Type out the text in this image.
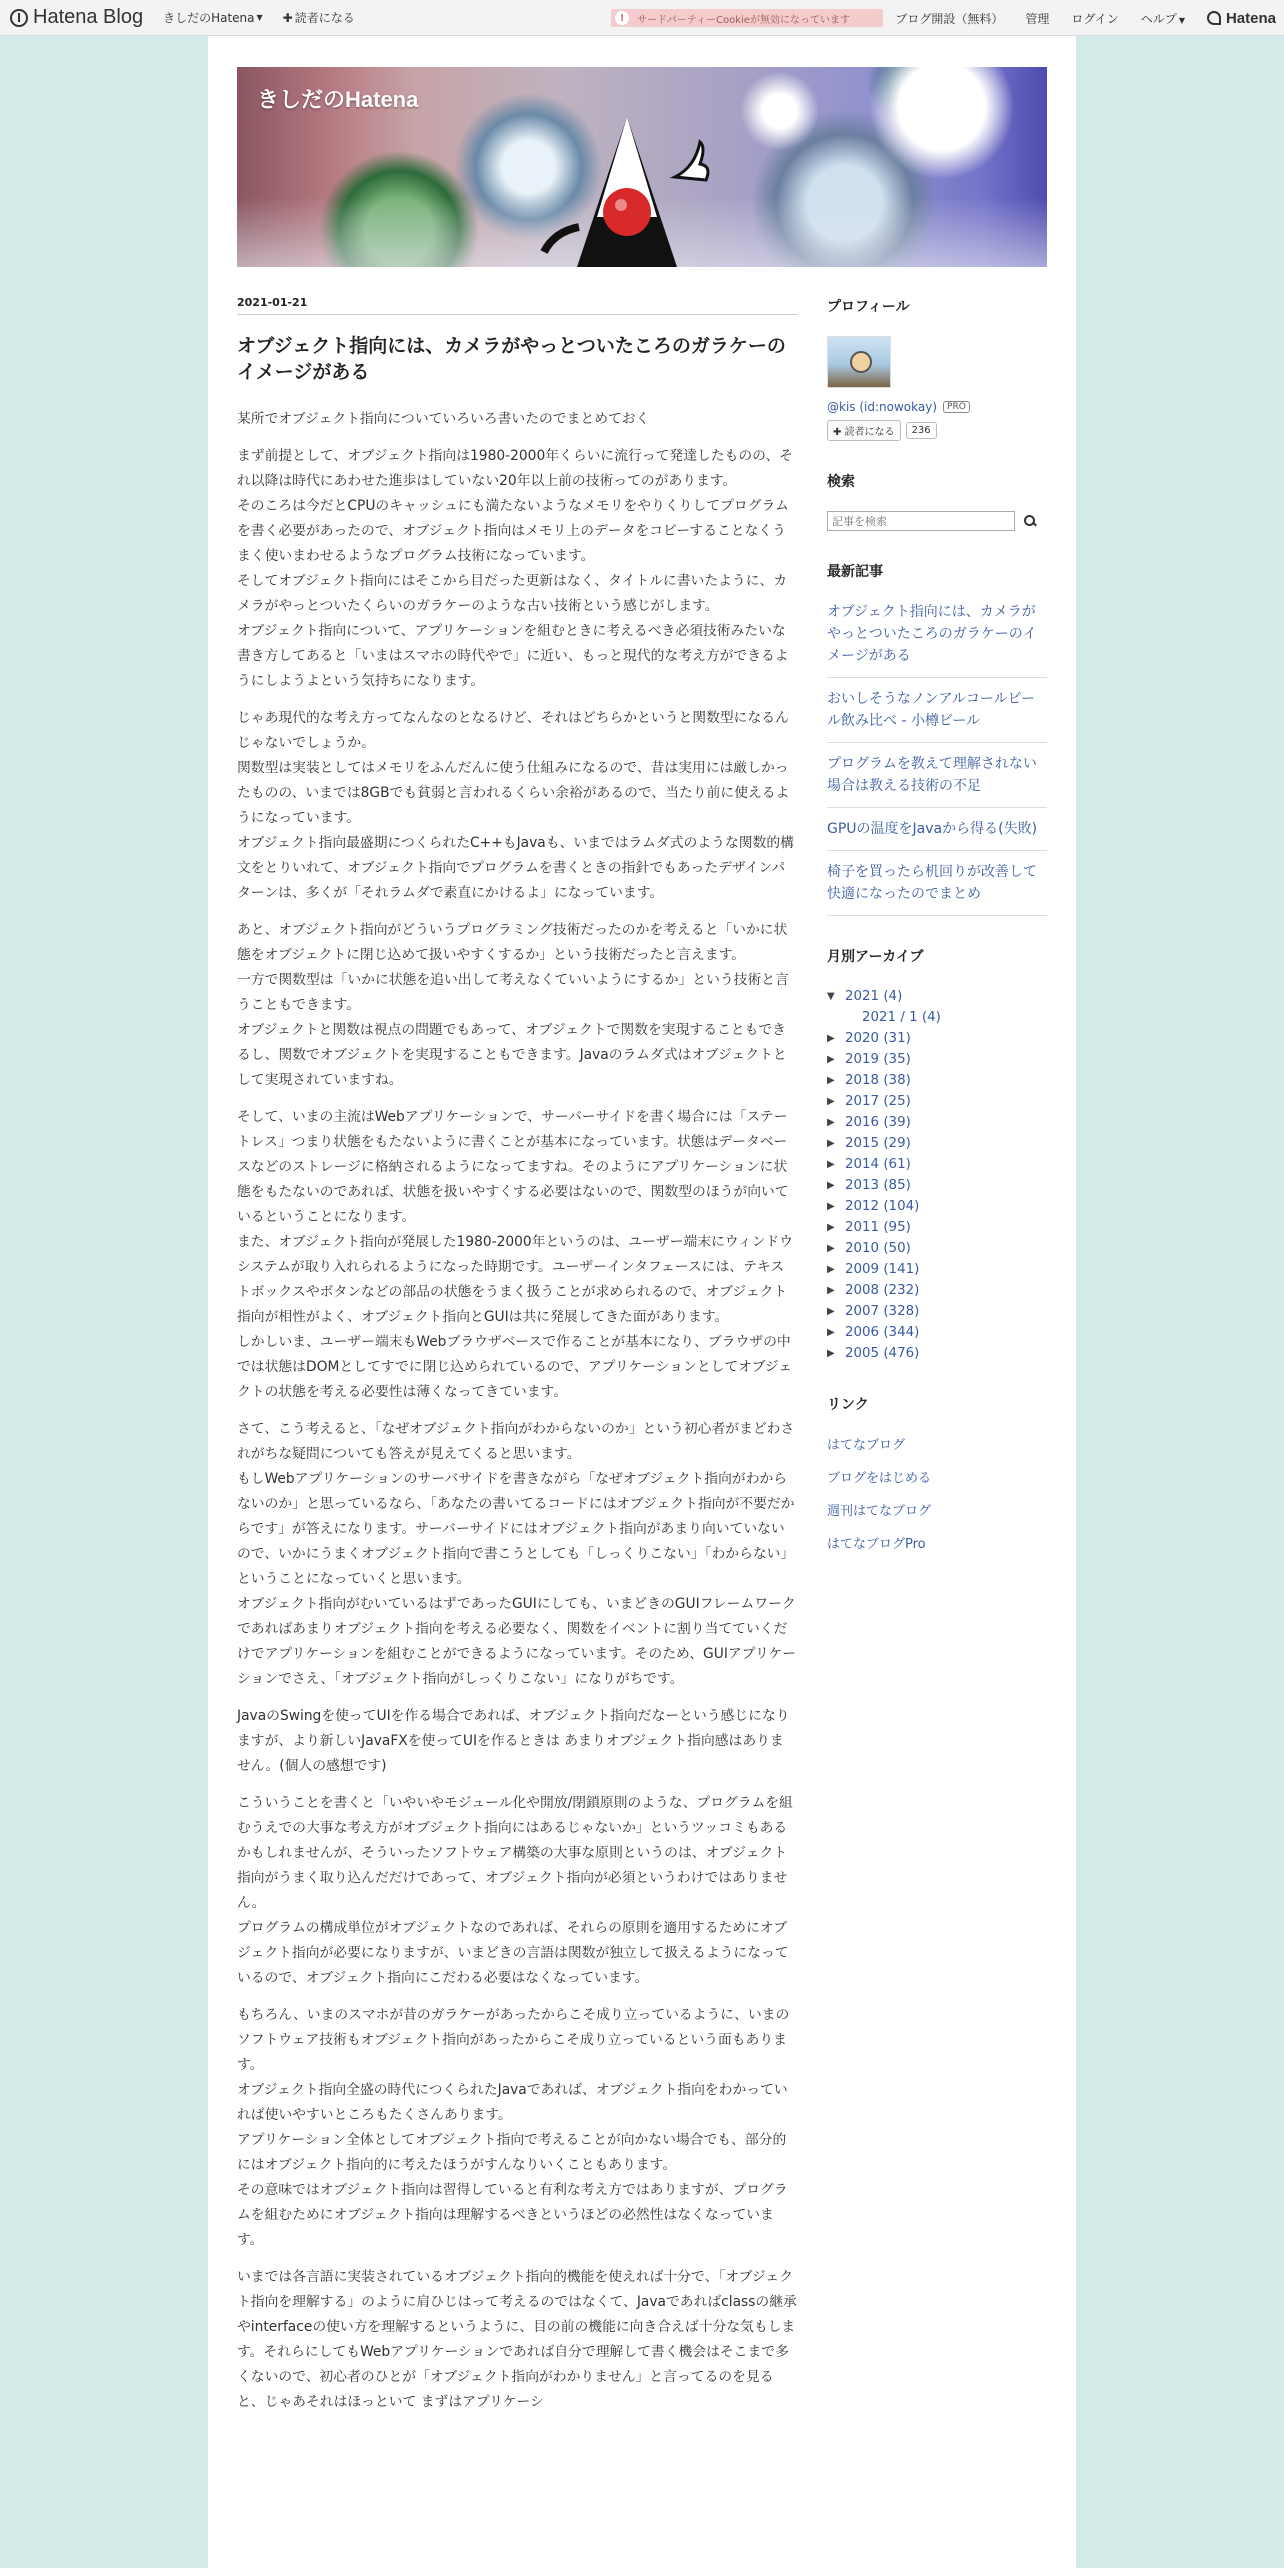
Hatena Blog きしだのHatena ▼ ✚ 読者になる	!	サードパーティーCookieが無効になっています	ブログ開設（無料） 管理 ログイン ヘルプ ▼	Hatena
きしだのHatena
2021-01-21
オブジェクト指向には、カメラがやっとついたころのガラケーのイメージがある

某所でオブジェクト指向についていろいろ書いたのでまとめておく

まず前提として、オブジェクト指向は1980-2000年くらいに流行って発達したものの、それ以降は時代にあわせた進歩はしていない20年以上前の技術ってのがあります。
そのころは今だとCPUのキャッシュにも満たないようなメモリをやりくりしてプログラムを書く必要があったので、オブジェクト指向はメモリ上のデータをコピーすることなくうまく使いまわせるようなプログラム技術になっています。
そしてオブジェクト指向にはそこから目だった更新はなく、タイトルに書いたように、カメラがやっとついたくらいのガラケーのような古い技術という感じがします。
オブジェクト指向について、アプリケーションを組むときに考えるべき必須技術みたいな書き方してあると「いまはスマホの時代やで」に近い、もっと現代的な考え方ができるようにしようよという気持ちになります。

じゃあ現代的な考え方ってなんなのとなるけど、それはどちらかというと関数型になるんじゃないでしょうか。
関数型は実装としてはメモリをふんだんに使う仕組みになるので、昔は実用には厳しかったものの、いまでは8GBでも貧弱と言われるくらい余裕があるので、当たり前に使えるようになっています。
オブジェクト指向最盛期につくられたC++もJavaも、いまではラムダ式のような関数的構文をとりいれて、オブジェクト指向でプログラムを書くときの指針でもあったデザインパターンは、多くが「それラムダで素直にかけるよ」になっています。

あと、オブジェクト指向がどういうプログラミング技術だったのかを考えると「いかに状態をオブジェクトに閉じ込めて扱いやすくするか」という技術だったと言えます。
一方で関数型は「いかに状態を追い出して考えなくていいようにするか」という技術と言うこともできます。
オブジェクトと関数は視点の問題でもあって、オブジェクトで関数を実現することもできるし、関数でオブジェクトを実現することもできます。Javaのラムダ式はオブジェクトとして実現されていますね。

そして、いまの主流はWebアプリケーションで、サーバーサイドを書く場合には「ステートレス」つまり状態をもたないように書くことが基本になっています。状態はデータベースなどのストレージに格納されるようになってますね。そのようにアプリケーションに状態をもたないのであれば、状態を扱いやすくする必要はないので、関数型のほうが向いているということになります。
また、オブジェクト指向が発展した1980-2000年というのは、ユーザー端末にウィンドウシステムが取り入れられるようになった時期です。ユーザーインタフェースには、テキストボックスやボタンなどの部品の状態をうまく扱うことが求められるので、オブジェクト指向が相性がよく、オブジェクト指向とGUIは共に発展してきた面があります。
しかしいま、ユーザー端末もWebブラウザベースで作ることが基本になり、ブラウザの中では状態はDOMとしてすでに閉じ込められているので、アプリケーションとしてオブジェクトの状態を考える必要性は薄くなってきています。

さて、こう考えると、「なぜオブジェクト指向がわからないのか」という初心者がまどわされがちな疑問についても答えが見えてくると思います。
もしWebアプリケーションのサーバサイドを書きながら「なぜオブジェクト指向がわからないのか」と思っているなら、「あなたの書いてるコードにはオブジェクト指向が不要だからです」が答えになります。サーバーサイドにはオブジェクト指向があまり向いていないので、いかにうまくオブジェクト指向で書こうとしても「しっくりこない」「わからない」ということになっていくと思います。
オブジェクト指向がむいているはずであったGUIにしても、いまどきのGUIフレームワークであればあまりオブジェクト指向を考える必要なく、関数をイベントに割り当てていくだけでアプリケーションを組むことができるようになっています。そのため、GUIアプリケーションでさえ、「オブジェクト指向がしっくりこない」になりがちです。

JavaのSwingを使ってUIを作る場合であれば、オブジェクト指向だなーという感じになりますが、より新しいJavaFXを使ってUIを作るときは あまりオブジェクト指向感はありません。(個人の感想です)

こういうことを書くと「いやいやモジュール化や開放/閉鎖原則のような、プログラムを組むうえでの大事な考え方がオブジェクト指向にはあるじゃないか」というツッコミもあるかもしれませんが、そういったソフトウェア構築の大事な原則というのは、オブジェクト指向がうまく取り込んだだけであって、オブジェクト指向が必須というわけではありません。
プログラムの構成単位がオブジェクトなのであれば、それらの原則を適用するためにオブジェクト指向が必要になりますが、いまどきの言語は関数が独立して扱えるようになっているので、オブジェクト指向にこだわる必要はなくなっています。

もちろん、いまのスマホが昔のガラケーがあったからこそ成り立っているように、いまのソフトウェア技術もオブジェクト指向があったからこそ成り立っているという面もあります。
オブジェクト指向全盛の時代につくられたJavaであれば、オブジェクト指向をわかっていれば使いやすいところもたくさんあります。
アプリケーション全体としてオブジェクト指向で考えることが向かない場合でも、部分的にはオブジェクト指向的に考えたほうがすんなりいくこともあります。
その意味ではオブジェクト指向は習得していると有利な考え方ではありますが、プログラムを組むためにオブジェクト指向は理解するべきというほどの必然性はなくなっています。

いまでは各言語に実装されているオブジェクト指向的機能を使えれば十分で、「オブジェクト指向を理解する」のように肩ひじはって考えるのではなくて、Javaであればclassの継承やinterfaceの使い方を理解するというように、目の前の機能に向き合えば十分な気もします。それらにしてもWebアプリケーションであれば自分で理解して書く機会はそこまで多くないので、初心者のひとが「オブジェクト指向がわかりません」と言ってるのを見ると、じゃあそれはほっといて まずはアプリケーシ

プロフィール
@kis (id:nowokay)	PRO
✚ 読者になる	236
検索
記事を検索
最新記事
オブジェクト指向には、カメラがやっとついたころのガラケーのイメージがある
おいしそうなノンアルコールビール飲み比べ - 小樽ビール
プログラムを教えて理解されない場合は教える技術の不足
GPUの温度をJavaから得る(失敗)
椅子を買ったら机回りが改善して快適になったのでまとめ
月別アーカイブ
▼ 2021 (4)
2021 / 1 (4)
▶ 2020 (31)
▶ 2019 (35)
▶ 2018 (38)
▶ 2017 (25)
▶ 2016 (39)
▶ 2015 (29)
▶ 2014 (61)
▶ 2013 (85)
▶ 2012 (104)
▶ 2011 (95)
▶ 2010 (50)
▶ 2009 (141)
▶ 2008 (232)
▶ 2007 (328)
▶ 2006 (344)
▶ 2005 (476)
リンク
はてなブログ
ブログをはじめる
週刊はてなブログ
はてなブログPro
